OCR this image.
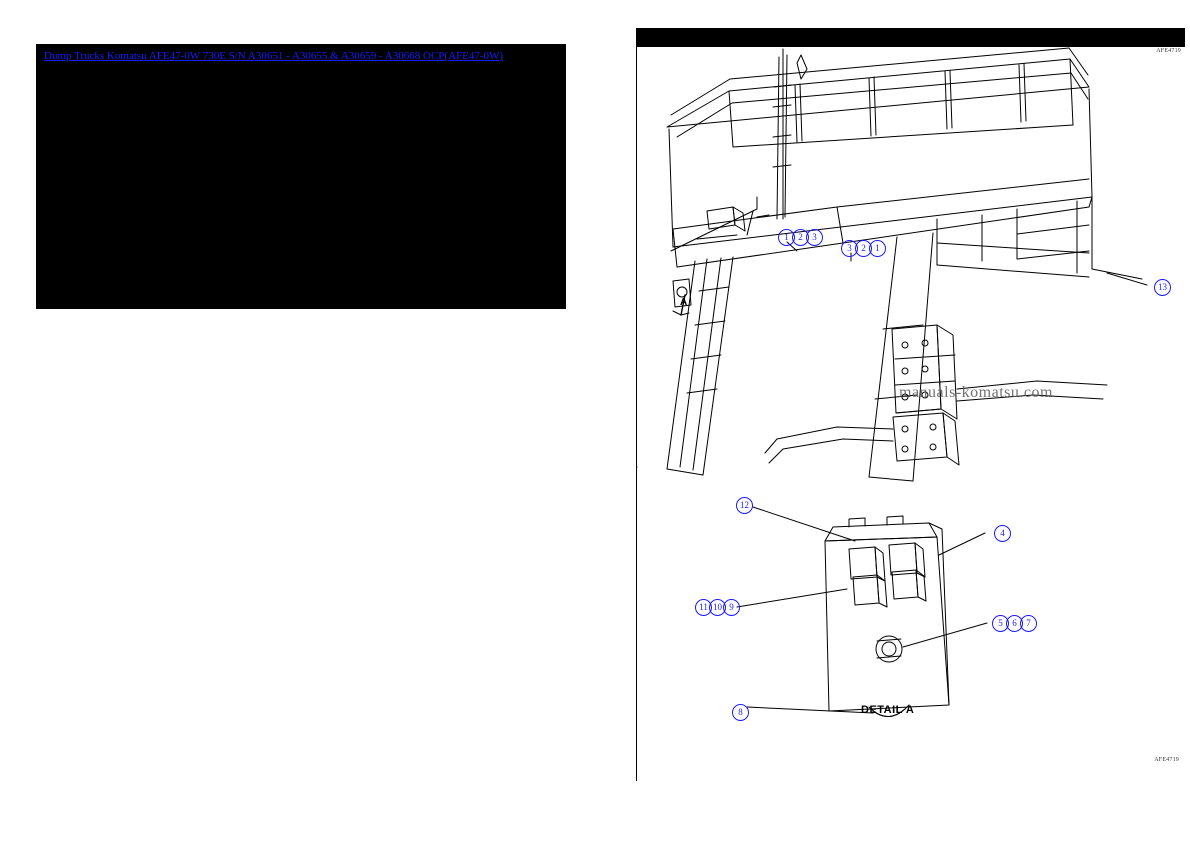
Dump Trucks Komatsu AFE47-0W 730E S/N A30651 - A30655 & A30659 - A30668 OCP(AFE47-0W)	AFE4719
A
1	2	3
3	2	1
13
12
4
11 10 9
5	6	7
8	DETAIL A
manuals-komatsu.com
AFE4719
